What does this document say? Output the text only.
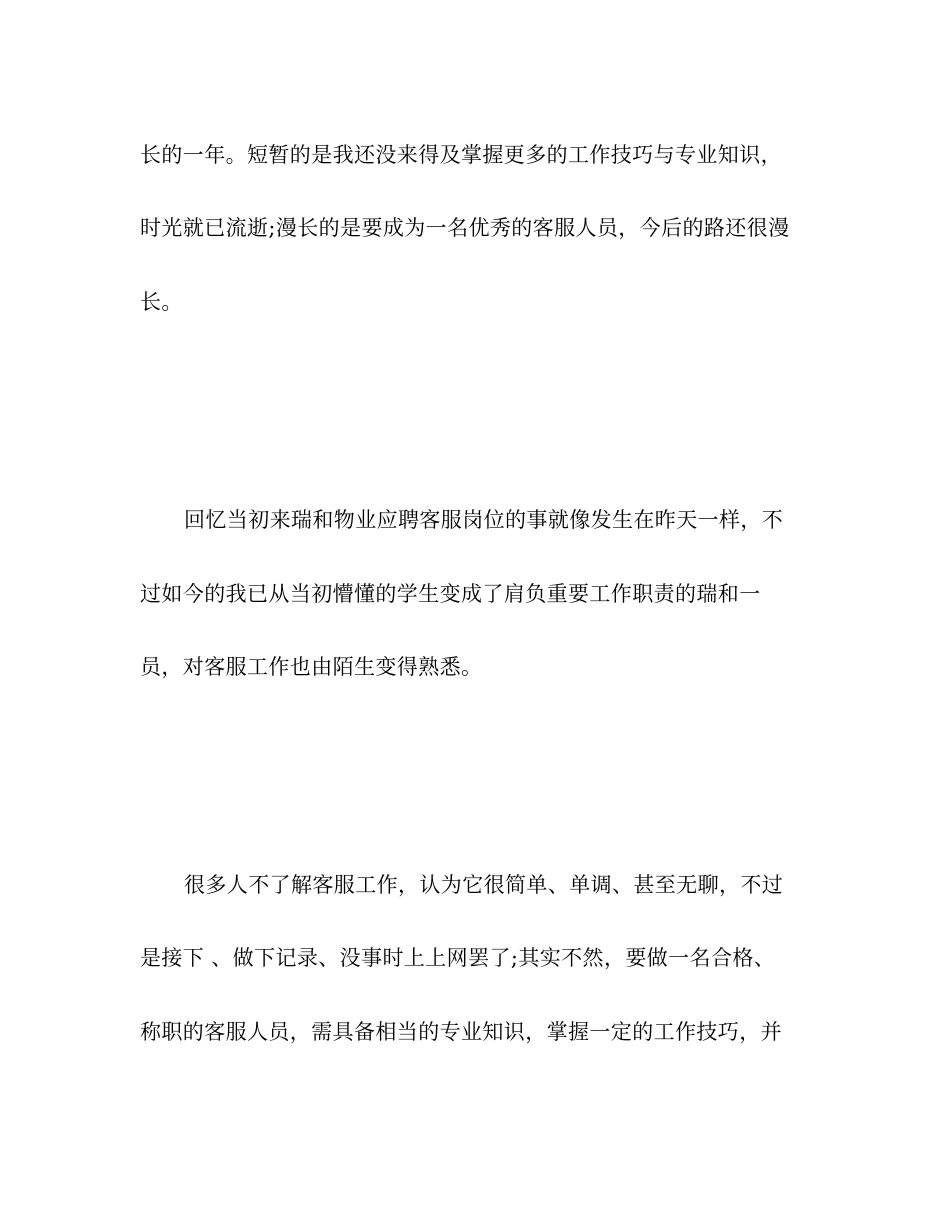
长的一年。短暂的是我还没来得及掌握更多的工作技巧与专业知识，
时光就已流逝;漫长的是要成为一名优秀的客服人员，今后的路还很漫
长。
回忆当初来瑞和物业应聘客服岗位的事就像发生在昨天一样，不
过如今的我已从当初懵懂的学生变成了肩负重要工作职责的瑞和一
员，对客服工作也由陌生变得熟悉。
很多人不了解客服工作，认为它很简单、单调、甚至无聊，不过
是接下 、做下记录、没事时上上网罢了;其实不然，要做一名合格、
称职的客服人员，需具备相当的专业知识，掌握一定的工作技巧，并
